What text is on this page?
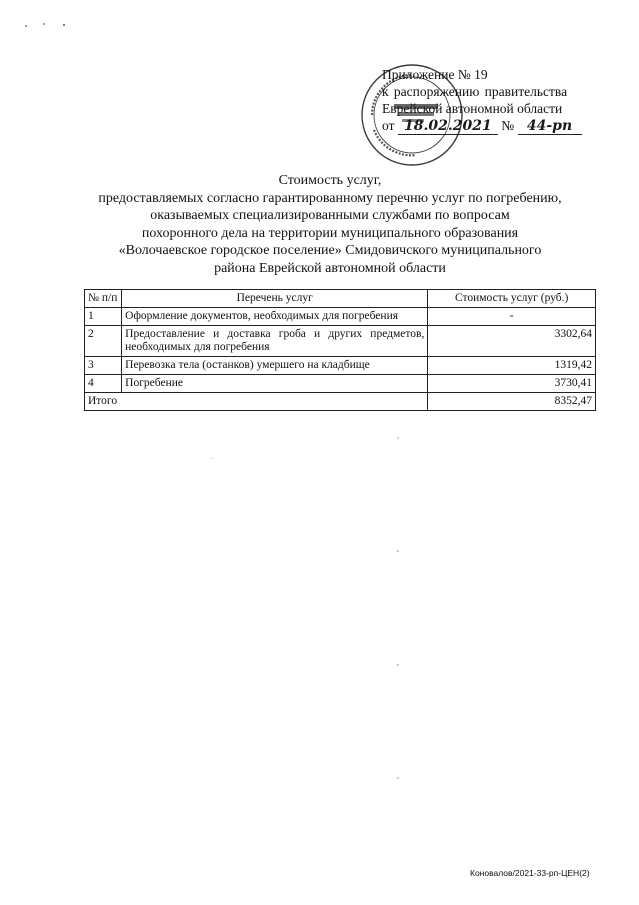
Приложение № 19
к распоряжению правительства
Еврейской автономной области
от 18.02.2021 № 44-рп
Стоимость услуг,
предоставляемых согласно гарантированному перечню услуг по погребению,
оказываемых специализированными службами по вопросам
похоронного дела на территории муниципального образования
«Волочаевское городское поселение» Смидовичского муниципального
района Еврейской автономной области
№ п/п	Перечень услуг	Стоимость услуг (руб.)
1	Оформление документов, необходимых для погребения	-
2	Предоставление и доставка гроба и других предметов, необходимых для погребения	3302,64
3	Перевозка тела (останков) умершего на кладбище	1319,42
4	Погребение	3730,41
Итого		8352,47
Коновалов/2021-33-рп-ЦЕН(2)
